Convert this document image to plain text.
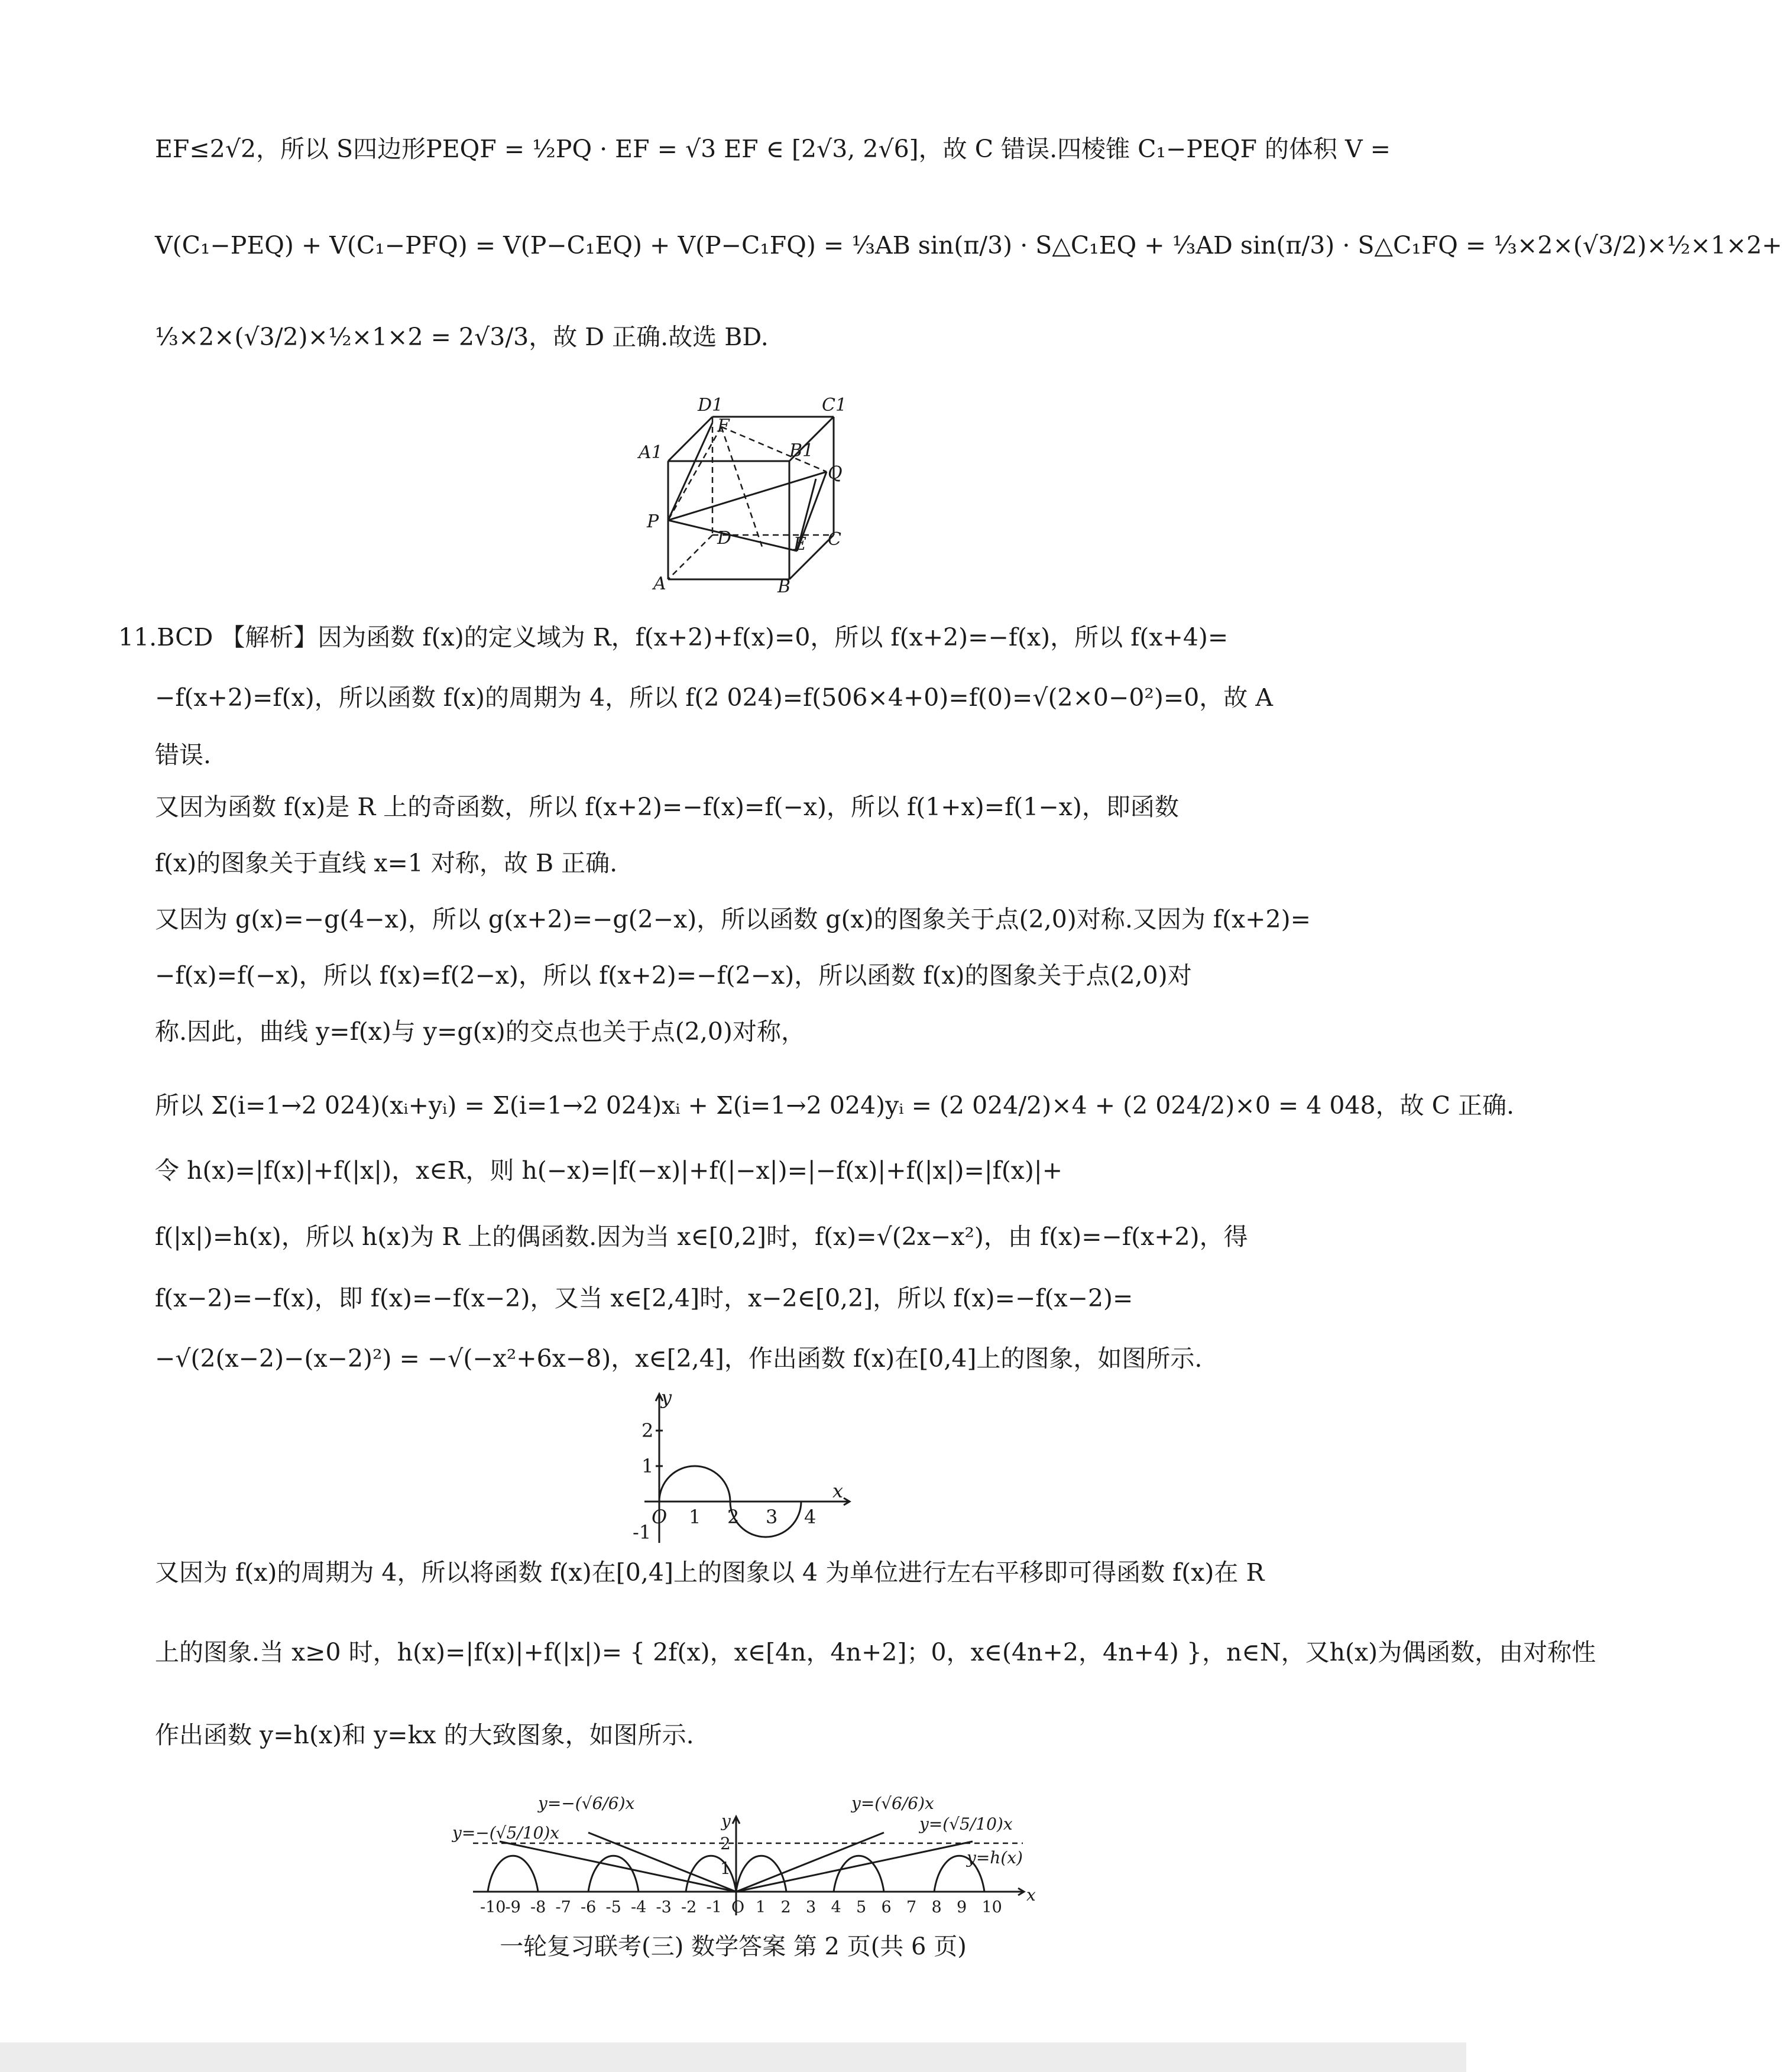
EF≤2√2，所以 S四边形PEQF = ½PQ · EF = √3 EF ∈ [2√3, 2√6]，故 C 错误.四棱锥 C₁−PEQF 的体积 V =
V(C₁−PEQ) + V(C₁−PFQ) = V(P−C₁EQ) + V(P−C₁FQ) = ⅓AB sin(π/3) · S△C₁EQ + ⅓AD sin(π/3) · S△C₁FQ = ⅓×2×(√3/2)×½×1×2+
⅓×2×(√3/2)×½×1×2 = 2√3/3，故 D 正确.故选 BD.
D1	C1
A1	B1
F
Q
P
D	E C
A	B
11.BCD 【解析】因为函数 f(x)的定义域为 R，f(x+2)+f(x)=0，所以 f(x+2)=−f(x)，所以 f(x+4)=
−f(x+2)=f(x)，所以函数 f(x)的周期为 4，所以 f(2 024)=f(506×4+0)=f(0)=√(2×0−0²)=0，故 A
错误.
又因为函数 f(x)是 R 上的奇函数，所以 f(x+2)=−f(x)=f(−x)，所以 f(1+x)=f(1−x)，即函数
f(x)的图象关于直线 x=1 对称，故 B 正确.
又因为 g(x)=−g(4−x)，所以 g(x+2)=−g(2−x)，所以函数 g(x)的图象关于点(2,0)对称.又因为 f(x+2)=
−f(x)=f(−x)，所以 f(x)=f(2−x)，所以 f(x+2)=−f(2−x)，所以函数 f(x)的图象关于点(2,0)对
称.因此，曲线 y=f(x)与 y=g(x)的交点也关于点(2,0)对称，
所以 Σ(i=1→2 024)(xᵢ+yᵢ) = Σ(i=1→2 024)xᵢ + Σ(i=1→2 024)yᵢ = (2 024/2)×4 + (2 024/2)×0 = 4 048，故 C 正确.
令 h(x)=|f(x)|+f(|x|)，x∈R，则 h(−x)=|f(−x)|+f(|−x|)=|−f(x)|+f(|x|)=|f(x)|+
f(|x|)=h(x)，所以 h(x)为 R 上的偶函数.因为当 x∈[0,2]时，f(x)=√(2x−x²)，由 f(x)=−f(x+2)，得
f(x−2)=−f(x)，即 f(x)=−f(x−2)，又当 x∈[2,4]时，x−2∈[0,2]，所以 f(x)=−f(x−2)=
−√(2(x−2)−(x−2)²) = −√(−x²+6x−8)，x∈[2,4]，作出函数 f(x)在[0,4]上的图象，如图所示.
y
x
O 1 2 3 4
2
1
-1
又因为 f(x)的周期为 4，所以将函数 f(x)在[0,4]上的图象以 4 为单位进行左右平移即可得函数 f(x)在 R
上的图象.当 x≥0 时，h(x)=|f(x)|+f(|x|)= { 2f(x)，x∈[4n，4n+2]；0，x∈(4n+2，4n+4) }，n∈N，又h(x)为偶函数，由对称性
作出函数 y=h(x)和 y=kx 的大致图象，如图所示.
y=−(√5/10)x
y=−(√6/6)x	y=(√6/6)x
y=(√5/10)x
y=h(x)
y
x
2
1
-10 -9 -8 -7 -6 -5 -4 -3 -2 -1 O 1 2 3 4 5 6 7 8 9 10
一轮复习联考(三) 数学答案 第 2 页(共 6 页)
